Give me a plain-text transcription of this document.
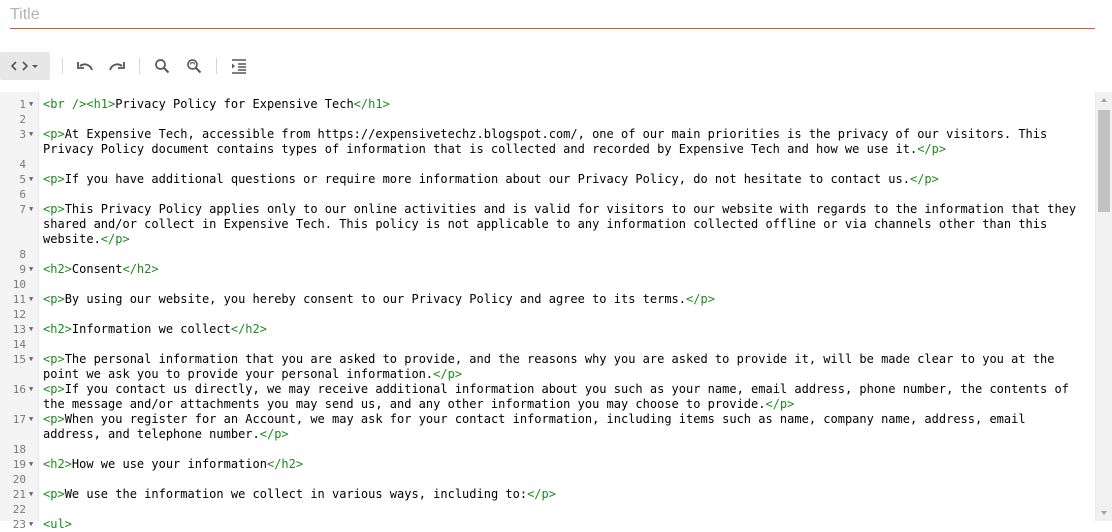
Title
1 ▼ <br /><h1>Privacy Policy for Expensive Tech</h1>
2
3 ▼ <p>At Expensive Tech, accessible from https://expensivetechz.blogspot.com/, one of our main priorities is the privacy of our visitors. This Privacy Policy document contains types of information that is collected and recorded by Expensive Tech and how we use it.</p>
4
5 ▼ <p>If you have additional questions or require more information about our Privacy Policy, do not hesitate to contact us.</p>
6
7 ▼ <p>This Privacy Policy applies only to our online activities and is valid for visitors to our website with regards to the information that they shared and/or collect in Expensive Tech. This policy is not applicable to any information collected offline or via channels other than this website.</p>
8
9 ▼ <h2>Consent</h2>
10
11 ▼ <p>By using our website, you hereby consent to our Privacy Policy and agree to its terms.</p>
12
13 ▼ <h2>Information we collect</h2>
14
15 ▼ <p>The personal information that you are asked to provide, and the reasons why you are asked to provide it, will be made clear to you at the point we ask you to provide your personal information.</p>
16 ▼ <p>If you contact us directly, we may receive additional information about you such as your name, email address, phone number, the contents of the message and/or attachments you may send us, and any other information you may choose to provide.</p>
17 ▼ <p>When you register for an Account, we may ask for your contact information, including items such as name, company name, address, email address, and telephone number.</p>
18
19 ▼ <h2>How we use your information</h2>
20
21 ▼ <p>We use the information we collect in various ways, including to:</p>
22
23 ▼ <ul>
